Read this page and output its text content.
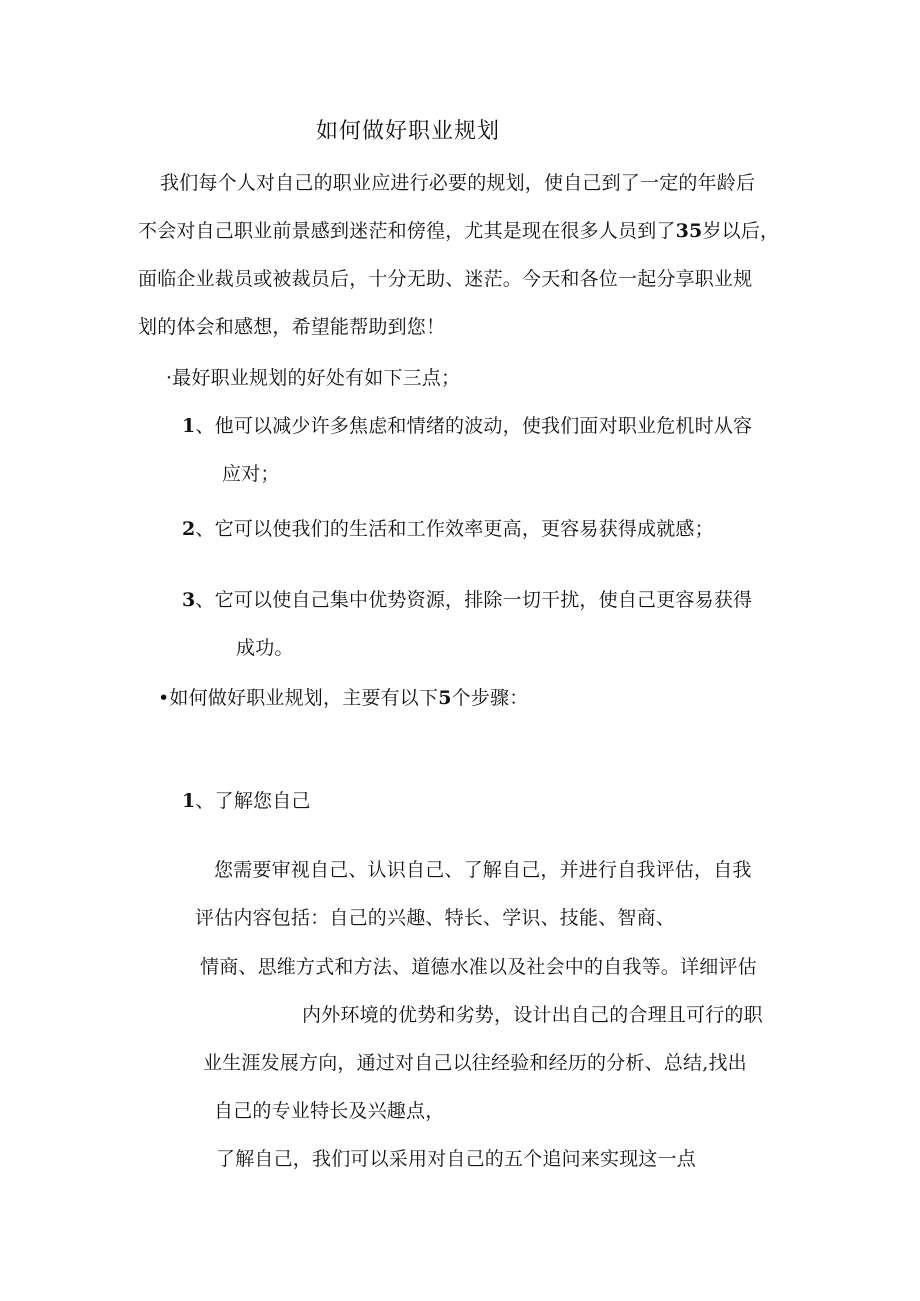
如何做好职业规划
我们每个人对自己的职业应进行必要的规划，使自己到了一定的年龄后
不会对自己职业前景感到迷茫和傍徨，尤其是现在很多人员到了35岁以后，
面临企业裁员或被裁员后，十分无助、迷茫。今天和各位一起分享职业规
划的体会和感想，希望能帮助到您！
·最好职业规划的好处有如下三点；
1、他可以减少许多焦虑和情绪的波动，使我们面对职业危机时从容
应对；
2、它可以使我们的生活和工作效率更高，更容易获得成就感；
3、它可以使自己集中优势资源，排除一切干扰，使自己更容易获得
成功。
•如何做好职业规划，主要有以下5个步骤：
1、了解您自己
您需要审视自己、认识自己、了解自己，并进行自我评估，自我
评估内容包括：自己的兴趣、特长、学识、技能、智商、
情商、思维方式和方法、道德水准以及社会中的自我等。详细评估
内外环境的优势和劣势，设计出自己的合理且可行的职
业生涯发展方向，通过对自己以往经验和经历的分析、总结,找出
自己的专业特长及兴趣点，
了解自己，我们可以采用对自己的五个追问来实现这一点
